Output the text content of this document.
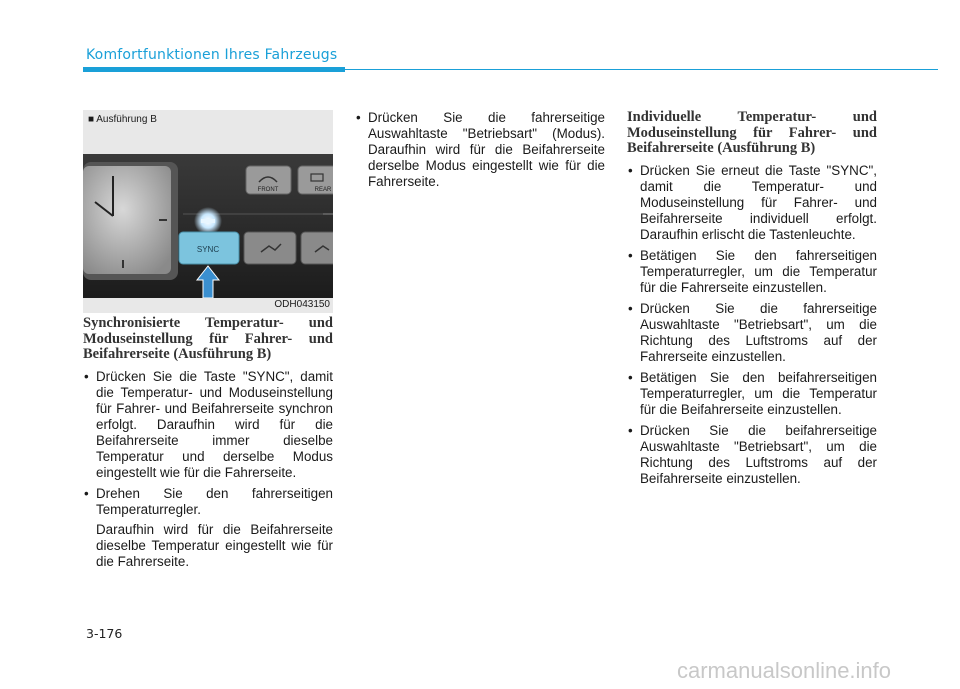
Komfortfunktionen Ihres Fahrzeugs
■ Ausführung B
FRONT	REAR
SYNC
ODH043150
Synchronisierte Temperatur- und
Moduseinstellung für Fahrer- und
Beifahrerseite (Ausführung B)
• Drücken Sie die Taste "SYNC", damit die Temperatur- und Moduseinstellung für Fahrer- und Beifahrerseite synchron erfolgt. Daraufhin wird für die Beifahrerseite immer dieselbe Temperatur und derselbe Modus eingestellt wie für die Fahrerseite.
• Drehen Sie den fahrerseitigen Temperaturregler.

Daraufhin wird für die Beifahrerseite dieselbe Temperatur eingestellt wie für die Fahrerseite.

• Drücken Sie die fahrerseitige Auswahltaste "Betriebsart" (Modus). Daraufhin wird für die Beifahrerseite derselbe Modus eingestellt wie für die Fahrerseite.
Individuelle Temperatur- und
Moduseinstellung für Fahrer- und
Beifahrerseite (Ausführung B)
• Drücken Sie erneut die Taste "SYNC", damit die Temperatur- und Moduseinstellung für Fahrer- und Beifahrerseite individuell erfolgt. Daraufhin erlischt die Tastenleuchte.
• Betätigen Sie den fahrerseitigen Temperaturregler, um die Temperatur für die Fahrerseite einzustellen.
• Drücken Sie die fahrerseitige Auswahltaste "Betriebsart", um die Richtung des Luftstroms auf der Fahrerseite einzustellen.
• Betätigen Sie den beifahrerseitigen Temperaturregler, um die Temperatur für die Beifahrerseite einzustellen.
• Drücken Sie die beifahrerseitige Auswahltaste "Betriebsart", um die Richtung des Luftstroms auf der Beifahrerseite einzustellen.
3-176
carmanualsonline.info
